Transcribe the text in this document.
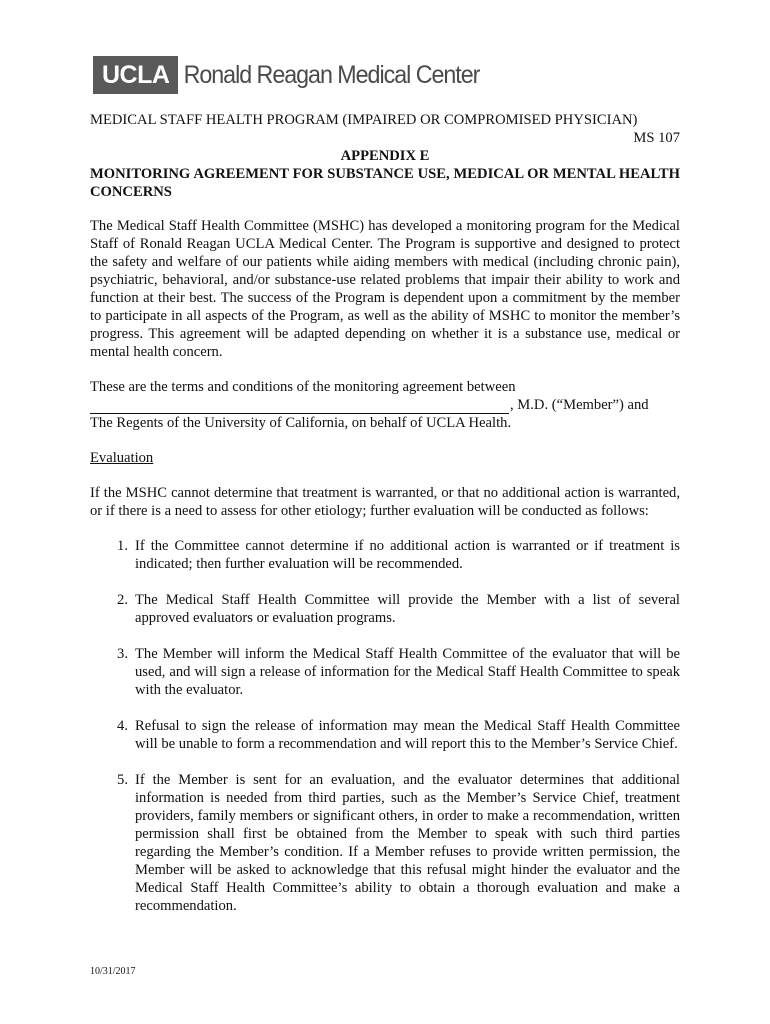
UCLA Ronald Reagan Medical Center
MEDICAL STAFF HEALTH PROGRAM (IMPAIRED OR COMPROMISED PHYSICIAN)
MS 107
APPENDIX E
MONITORING AGREEMENT FOR SUBSTANCE USE, MEDICAL OR MENTAL HEALTH CONCERNS
The Medical Staff Health Committee (MSHC) has developed a monitoring program for the Medical Staff of Ronald Reagan UCLA Medical Center. The Program is supportive and designed to protect the safety and welfare of our patients while aiding members with medical (including chronic pain), psychiatric, behavioral, and/or substance-use related problems that impair their ability to work and function at their best. The success of the Program is dependent upon a commitment by the member to participate in all aspects of the Program, as well as the ability of MSHC to monitor the member’s progress. This agreement will be adapted depending on whether it is a substance use, medical or mental health concern.
These are the terms and conditions of the monitoring agreement between
, M.D. (“Member”) and
The Regents of the University of California, on behalf of UCLA Health.
Evaluation
If the MSHC cannot determine that treatment is warranted, or that no additional action is warranted, or if there is a need to assess for other etiology; further evaluation will be conducted as follows:
1. If the Committee cannot determine if no additional action is warranted or if treatment is indicated; then further evaluation will be recommended.
2. The Medical Staff Health Committee will provide the Member with a list of several approved evaluators or evaluation programs.
3. The Member will inform the Medical Staff Health Committee of the evaluator that will be used, and will sign a release of information for the Medical Staff Health Committee to speak with the evaluator.
4. Refusal to sign the release of information may mean the Medical Staff Health Committee will be unable to form a recommendation and will report this to the Member’s Service Chief.
5. If the Member is sent for an evaluation, and the evaluator determines that additional information is needed from third parties, such as the Member’s Service Chief, treatment providers, family members or significant others, in order to make a recommendation, written permission shall first be obtained from the Member to speak with such third parties regarding the Member’s condition. If a Member refuses to provide written permission, the Member will be asked to acknowledge that this refusal might hinder the evaluator and the Medical Staff Health Committee’s ability to obtain a thorough evaluation and make a recommendation.
10/31/2017
